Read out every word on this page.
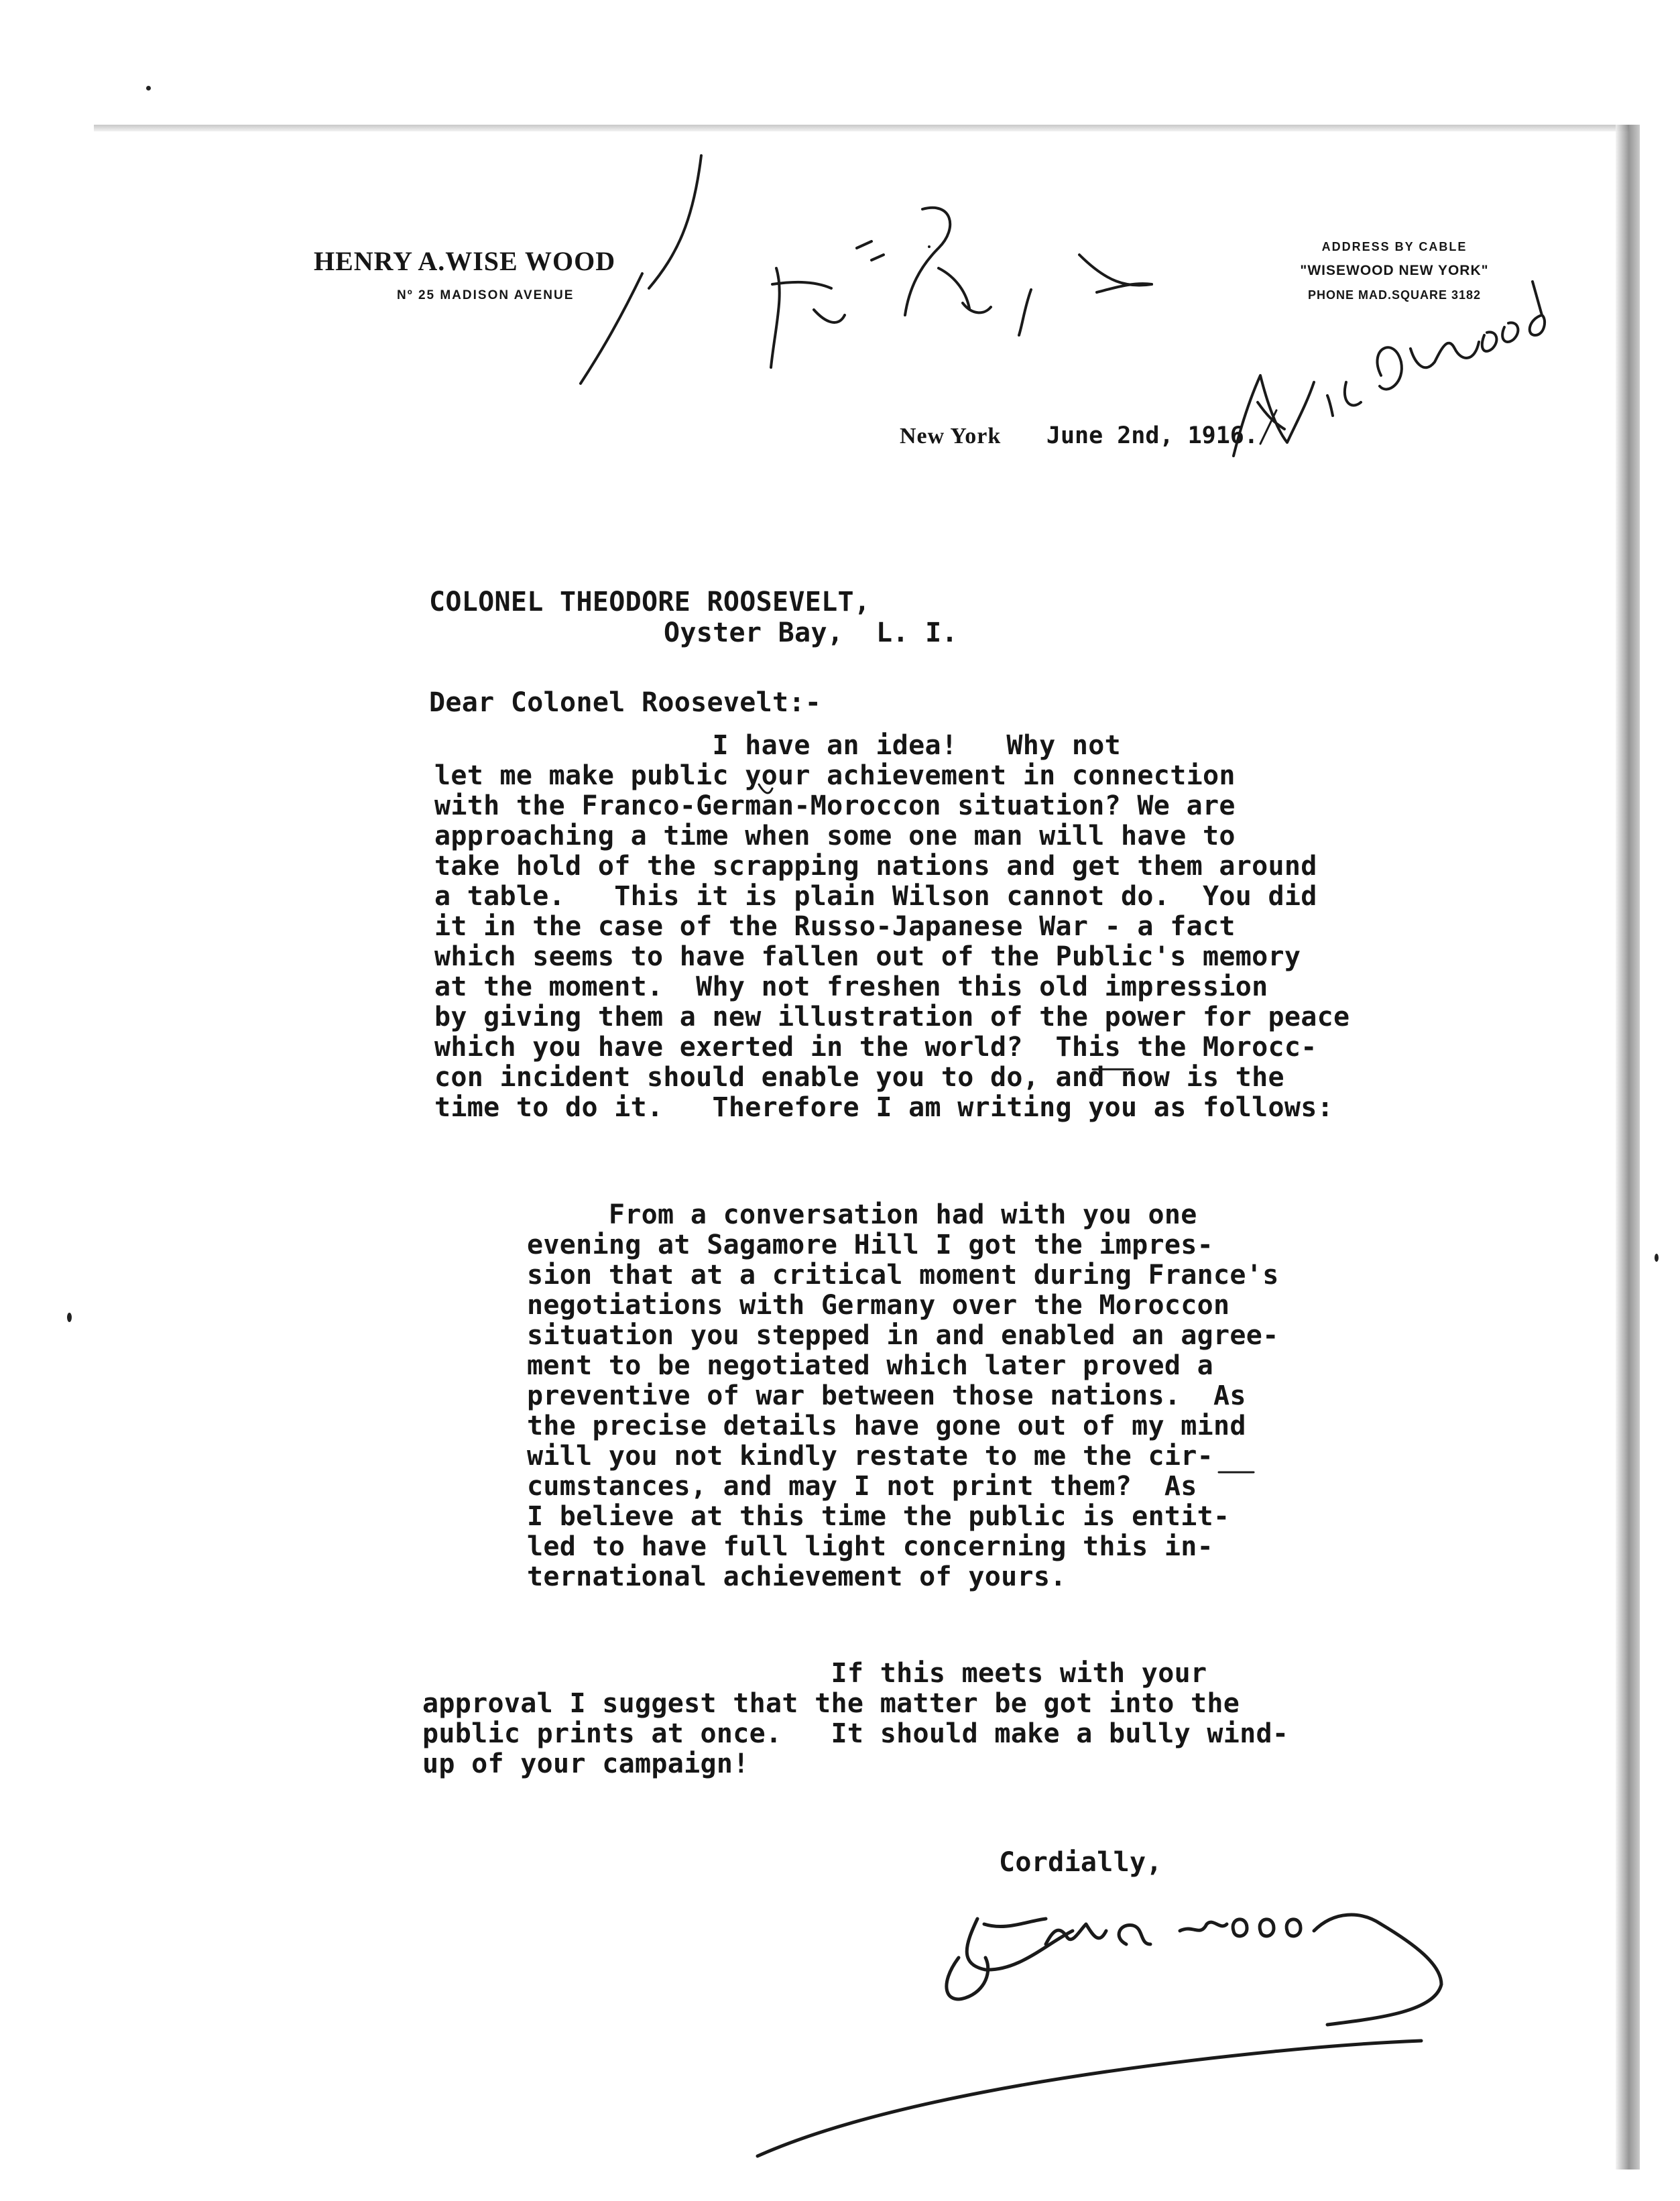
HENRY A.WISE WOOD
Nº 25 MADISON AVENUE
ADDRESS BY CABLE
"WISEWOOD NEW YORK"
PHONE MAD.SQUARE 3182
New York June 2nd, 1916.
COLONEL THEODORE ROOSEVELT,
Oyster Bay,  L. I.
Dear Colonel Roosevelt:-
I have an idea!   Why not
let me make public your achievement in connection
with the Franco-German-Moroccon situation? We are
approaching a time when some one man will have to
take hold of the scrapping nations and get them around
a table.   This it is plain Wilson cannot do.  You did
it in the case of the Russo-Japanese War - a fact
which seems to have fallen out of the Public's memory
at the moment.  Why not freshen this old impression
by giving them a new illustration of the power for peace
which you have exerted in the world?  This the Morocc-
con incident should enable you to do, and now is the
time to do it.   Therefore I am writing you as follows:
From a conversation had with you one
evening at Sagamore Hill I got the impres-
sion that at a critical moment during France's
negotiations with Germany over the Moroccon
situation you stepped in and enabled an agree-
ment to be negotiated which later proved a
preventive of war between those nations.  As
the precise details have gone out of my mind
will you not kindly restate to me the cir-
cumstances, and may I not print them?  As
I believe at this time the public is entit-
led to have full light concerning this in-
ternational achievement of yours.
If this meets with your
approval I suggest that the matter be got into the
public prints at once.   It should make a bully wind-
up of your campaign!
Cordially,
